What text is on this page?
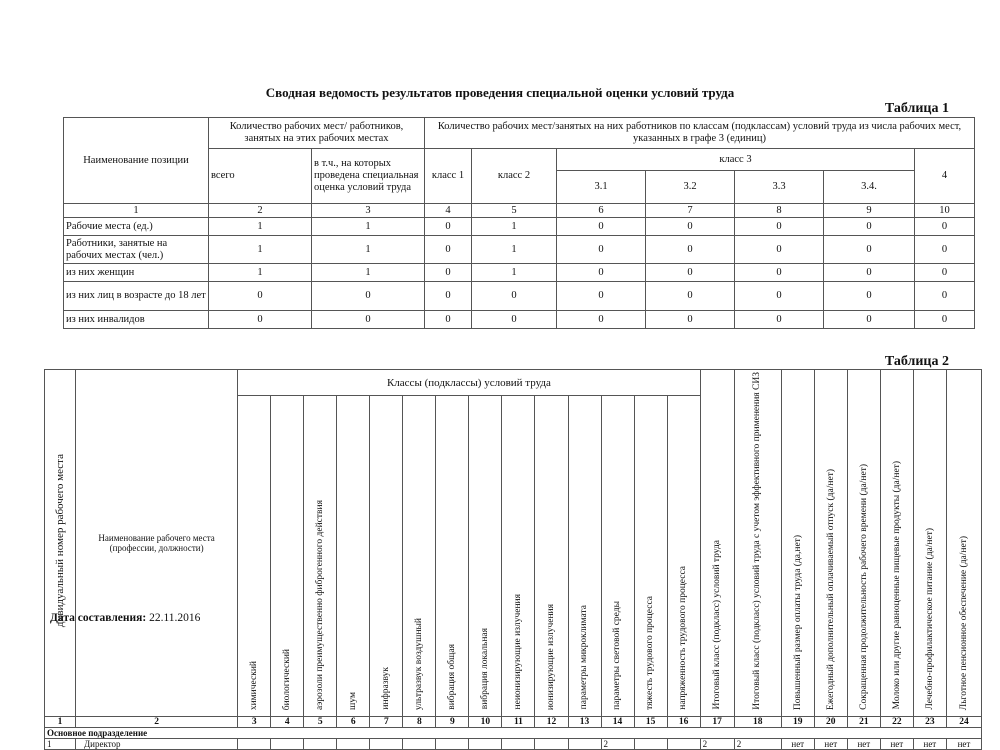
Сводная ведомость результатов проведения специальной оценки условий труда
Таблица 1
Наименование позиции	Количество рабочих мест/ работников, занятых на этих рабочих местах		Количество рабочих мест/занятых на них работников по классам (подклассам) условий труда из числа рабочих мест, указанных в графе 3 (единиц)						
	всего	в т.ч., на которых проведена специальная оценка условий труда	класс 1	класс 2	класс 3				4
					3.1	3.2	3.3	3.4.	
1	2	3	4	5	6	7	8	9	10
Рабочие места (ед.)	1	1	0	1	0	0	0	0	0
Работники, занятые на рабочих местах (чел.)	1	1	0	1	0	0	0	0	0
из них женщин	1	1	0	1	0	0	0	0	0
из них лиц в возрасте до 18 лет	0	0	0	0	0	0	0	0	0
из них инвалидов	0	0	0	0	0	0	0	0	0
Таблица 2
дивидуальный номер рабочего места	Наименование рабочего места (профессии, должности)	Классы (подклассы) условий труда														Итоговый класс (подкласс) условий труда	Итоговый класс (подкласс) условий труда с учетом эффективного применения СИЗ	Повышенный размер оплаты труда (да,нет)	Ежегодный дополнительный оплачиваемый отпуск (да/нет)	Сокращенная продолжительность рабочего времени (да/нет)	Молоко или другие равноценные пищевые продукты (да/нет)	Лечебно-профилактическое питание (да/нет)	Льготное пенсионное обеспечение (да/нет)
		химический	биологический	аэрозоли преимущественно фиброгенного действия	шум	инфразвук	ультразвук воздушный	вибрация общая	вибрация локальная	неионизирующие излучения	ионизирующие излучения	параметры микроклимата	параметры световой среды	тяжесть трудового процесса	напряженность трудового процесса								
1	2	3	4	5	6	7	8	9	10	11	12	13	14	15	16	17	18	19	20	21	22	23	24
Основное подразделение																							
1	Директор												2			2	2	нет	нет	нет	нет	нет	нет
Дата составления: 22.11.2016
